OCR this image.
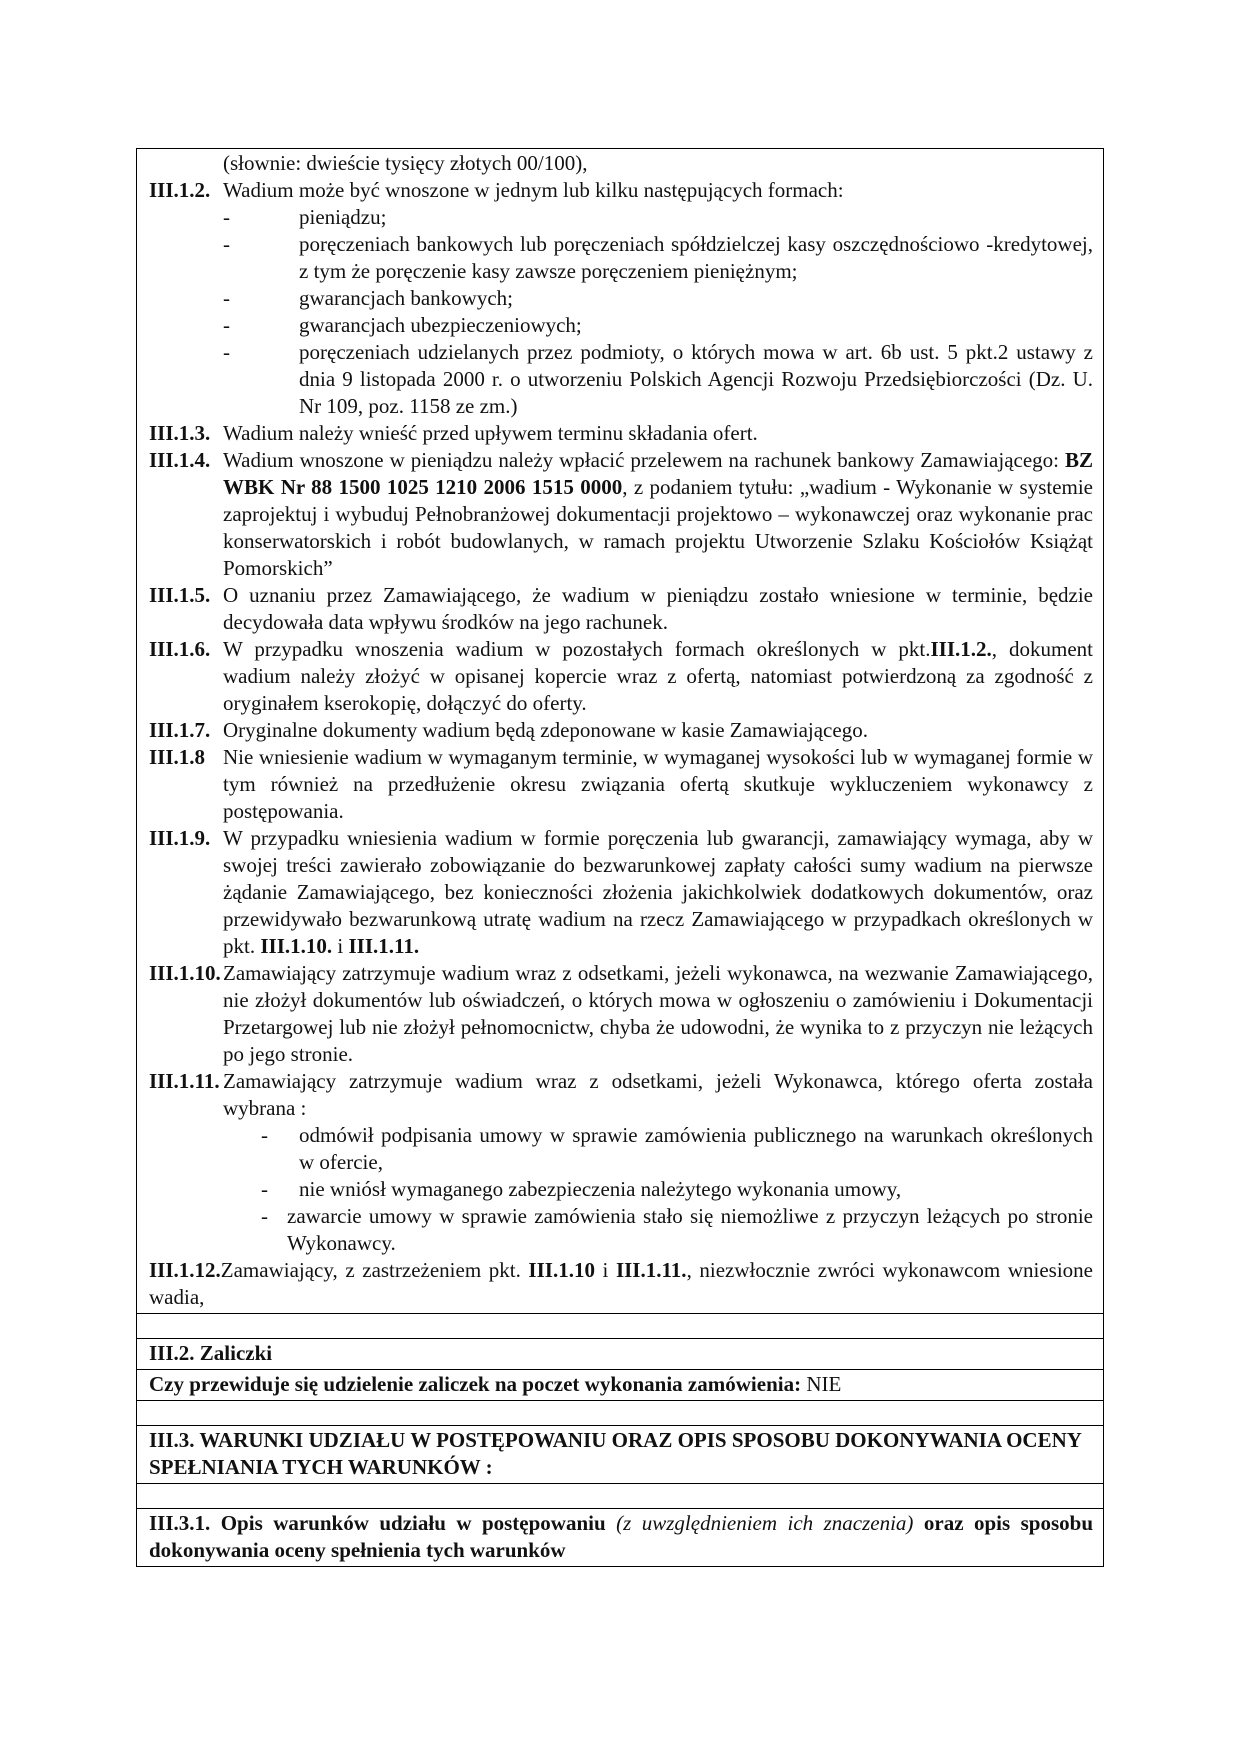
(słownie: dwieście tysięcy złotych 00/100),
III.1.2. Wadium może być wnoszone w jednym lub kilku następujących formach:
-	pieniądzu;
-	poręczeniach bankowych lub poręczeniach spółdzielczej kasy oszczędnościowo -kredytowej, z tym że poręczenie kasy zawsze poręczeniem pieniężnym;
-	gwarancjach bankowych;
-	gwarancjach ubezpieczeniowych;
-	poręczeniach udzielanych przez podmioty, o których mowa w art. 6b ust. 5 pkt.2 ustawy z dnia 9 listopada 2000 r. o utworzeniu Polskich Agencji Rozwoju Przedsiębiorczości (Dz. U. Nr 109, poz. 1158 ze zm.)
III.1.3. Wadium należy wnieść przed upływem terminu składania ofert.
III.1.4. Wadium wnoszone w pieniądzu należy wpłacić przelewem na rachunek bankowy Zamawiającego: BZ WBK Nr 88 1500 1025 1210 2006 1515 0000, z podaniem tytułu: „wadium - Wykonanie w systemie zaprojektuj i wybuduj Pełnobranżowej dokumentacji projektowo – wykonawczej oraz wykonanie prac konserwatorskich i robót budowlanych, w ramach projektu Utworzenie Szlaku Kościołów Książąt Pomorskich”
III.1.5. O uznaniu przez Zamawiającego, że wadium w pieniądzu zostało wniesione w terminie, będzie decydowała data wpływu środków na jego rachunek.
III.1.6. W przypadku wnoszenia wadium w pozostałych formach określonych w pkt.III.1.2., dokument wadium należy złożyć w opisanej kopercie wraz z ofertą, natomiast potwierdzoną za zgodność z oryginałem kserokopię, dołączyć do oferty.
III.1.7. Oryginalne dokumenty wadium będą zdeponowane w kasie Zamawiającego.
III.1.8 Nie wniesienie wadium w wymaganym terminie, w wymaganej wysokości lub w wymaganej formie w tym również na przedłużenie okresu związania ofertą skutkuje wykluczeniem wykonawcy z postępowania.
III.1.9. W przypadku wniesienia wadium w formie poręczenia lub gwarancji, zamawiający wymaga, aby w swojej treści zawierało zobowiązanie do bezwarunkowej zapłaty całości sumy wadium na pierwsze żądanie Zamawiającego, bez konieczności złożenia jakichkolwiek dodatkowych dokumentów, oraz przewidywało bezwarunkową utratę wadium na rzecz Zamawiającego w przypadkach określonych w pkt. III.1.10. i III.1.11.
III.1.10. Zamawiający zatrzymuje wadium wraz z odsetkami, jeżeli wykonawca, na wezwanie Zamawiającego, nie złożył dokumentów lub oświadczeń, o których mowa w ogłoszeniu o zamówieniu i Dokumentacji Przetargowej lub nie złożył pełnomocnictw, chyba że udowodni, że wynika to z przyczyn nie leżących po jego stronie.
III.1.11. Zamawiający zatrzymuje wadium wraz z odsetkami, jeżeli Wykonawca, którego oferta została wybrana :
-	odmówił podpisania umowy w sprawie zamówienia publicznego na warunkach określonych w ofercie,
-	nie wniósł wymaganego zabezpieczenia należytego wykonania umowy,
- zawarcie umowy w sprawie zamówienia stało się niemożliwe z przyczyn leżących po stronie Wykonawcy.
III.1.12.Zamawiający, z zastrzeżeniem pkt. III.1.10 i III.1.11., niezwłocznie zwróci wykonawcom wniesione wadia,

III.2. Zaliczki
Czy przewiduje się udzielenie zaliczek na poczet wykonania zamówienia: NIE

III.3. WARUNKI UDZIAŁU W POSTĘPOWANIU ORAZ OPIS SPOSOBU DOKONYWANIA OCENY SPEŁNIANIA TYCH WARUNKÓW :

III.3.1. Opis warunków udziału w postępowaniu (z uwzględnieniem ich znaczenia) oraz opis sposobu dokonywania oceny spełnienia tych warunków
